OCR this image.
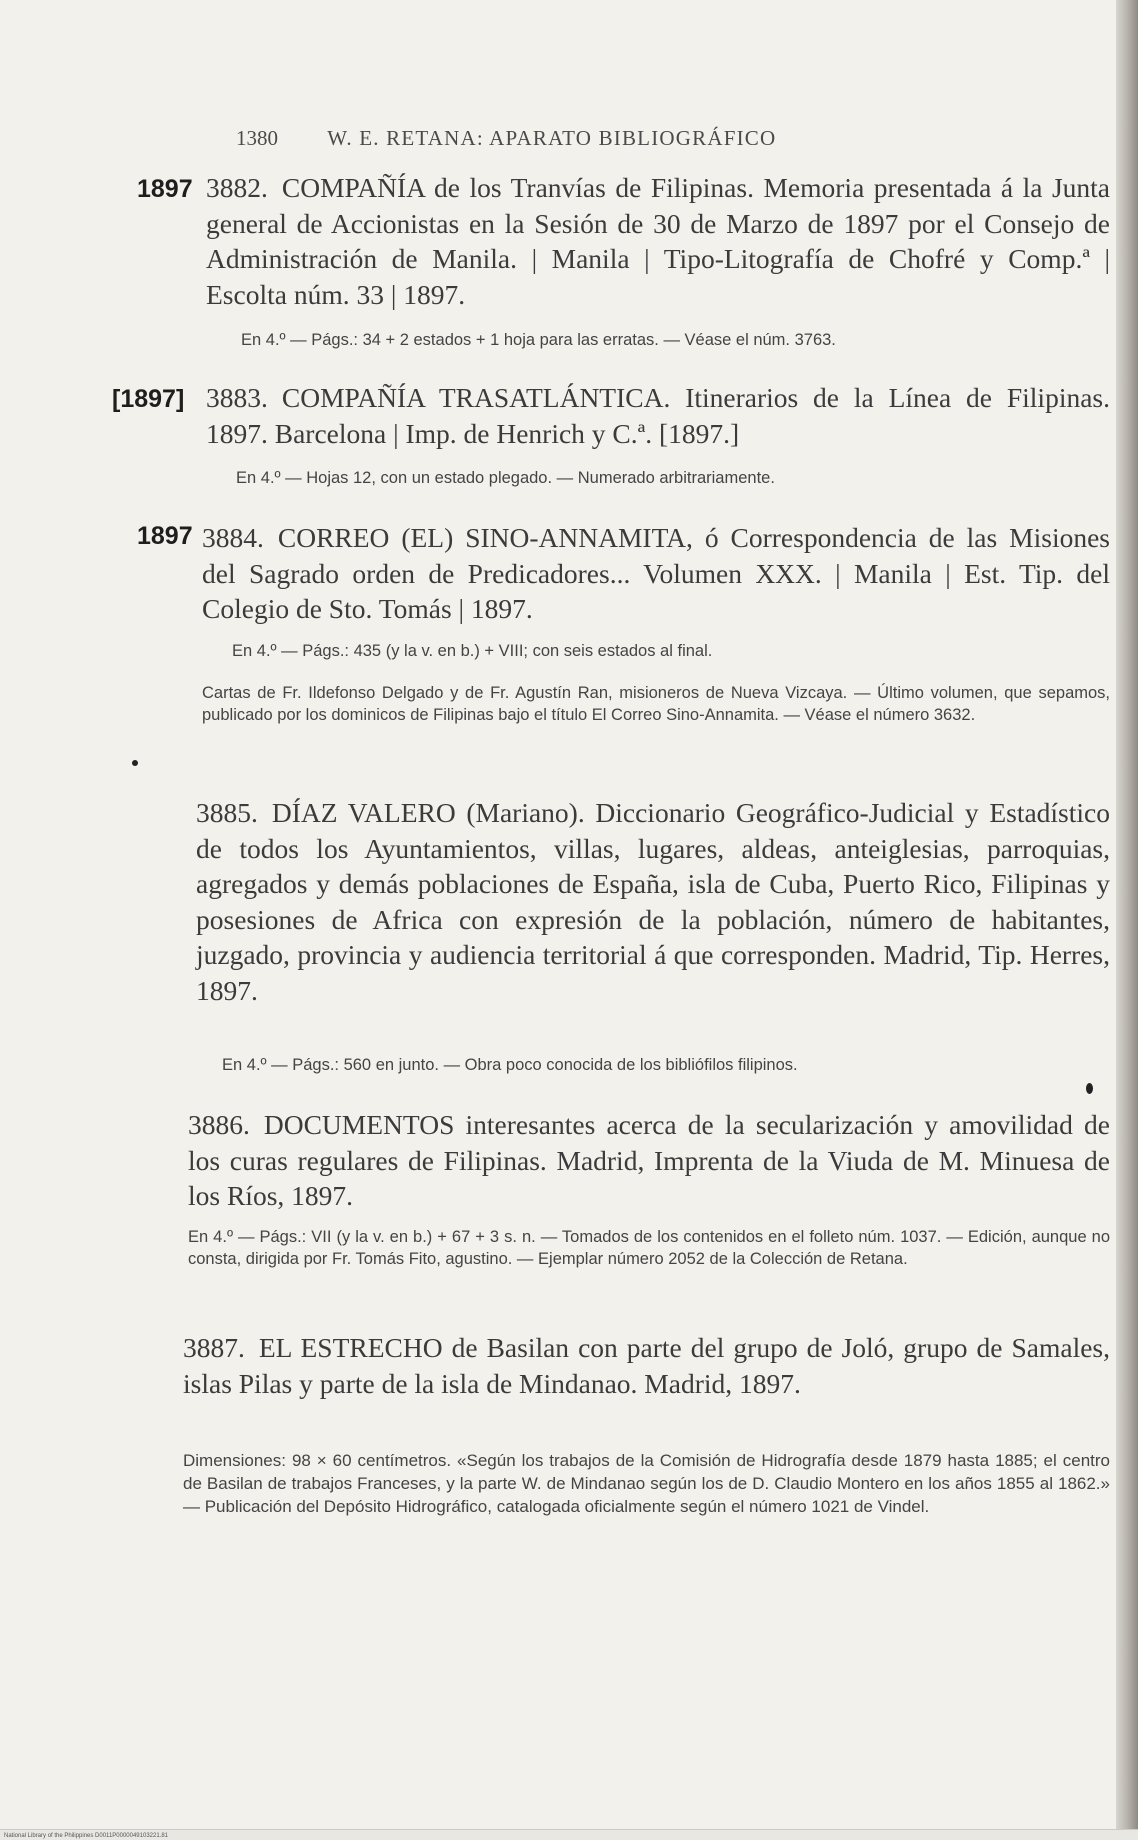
1380 W. E. RETANA: APARATO BIBLIOGRÁFICO
1897 3882. COMPAÑÍA de los Tranvías de Filipinas. Memoria presentada á la Junta general de Accionistas en la Sesión de 30 de Marzo de 1897 por el Consejo de Administración de Manila. | Manila | Tipo-Litografía de Chofré y Comp.ª | Escolta núm. 33 | 1897.
En 4.º — Págs.: 34 + 2 estados + 1 hoja para las erratas. — Véase el núm. 3763.
[1897] 3883. COMPAÑÍA TRASATLÁNTICA. Itinerarios de la Línea de Filipinas. 1897. Barcelona | Imp. de Henrich y C.ª. [1897.]
En 4.º — Hojas 12, con un estado plegado. — Numerado arbitrariamente.
1897 3884. CORREO (EL) SINO-ANNAMITA, ó Correspondencia de las Misiones del Sagrado orden de Predicadores... Volumen XXX. | Manila | Est. Tip. del Colegio de Sto. Tomás | 1897.
En 4.º — Págs.: 435 (y la v. en b.) + VIII; con seis estados al final.
Cartas de Fr. Ildefonso Delgado y de Fr. Agustín Ran, misioneros de Nueva Vizcaya. — Último volumen, que sepamos, publicado por los dominicos de Filipinas bajo el título El Correo Sino-Annamita. — Véase el número 3632.
3885. DÍAZ VALERO (Mariano). Diccionario Geográfico-Judicial y Estadístico de todos los Ayuntamientos, villas, lugares, aldeas, anteiglesias, parroquias, agregados y demás poblaciones de España, isla de Cuba, Puerto Rico, Filipinas y posesiones de Africa con expresión de la población, número de habitantes, juzgado, provincia y audiencia territorial á que corresponden. Madrid, Tip. Herres, 1897.
En 4.º — Págs.: 560 en junto. — Obra poco conocida de los bibliófilos filipinos.
3886. DOCUMENTOS interesantes acerca de la secularización y amovilidad de los curas regulares de Filipinas. Madrid, Imprenta de la Viuda de M. Minuesa de los Ríos, 1897.
En 4.º — Págs.: VII (y la v. en b.) + 67 + 3 s. n. — Tomados de los contenidos en el folleto núm. 1037. — Edición, aunque no consta, dirigida por Fr. Tomás Fito, agustino. — Ejemplar número 2052 de la Colección de Retana.
3887. EL ESTRECHO de Basilan con parte del grupo de Joló, grupo de Samales, islas Pilas y parte de la isla de Mindanao. Madrid, 1897.
Dimensiones: 98 × 60 centímetros. «Según los trabajos de la Comisión de Hidrografía desde 1879 hasta 1885; el centro de Basilan de trabajos Franceses, y la parte W. de Mindanao según los de D. Claudio Montero en los años 1855 al 1862.» — Publicación del Depósito Hidrográfico, catalogada oficialmente según el número 1021 de Vindel.
National Library of the Philippines D0011P0000049103221.81
